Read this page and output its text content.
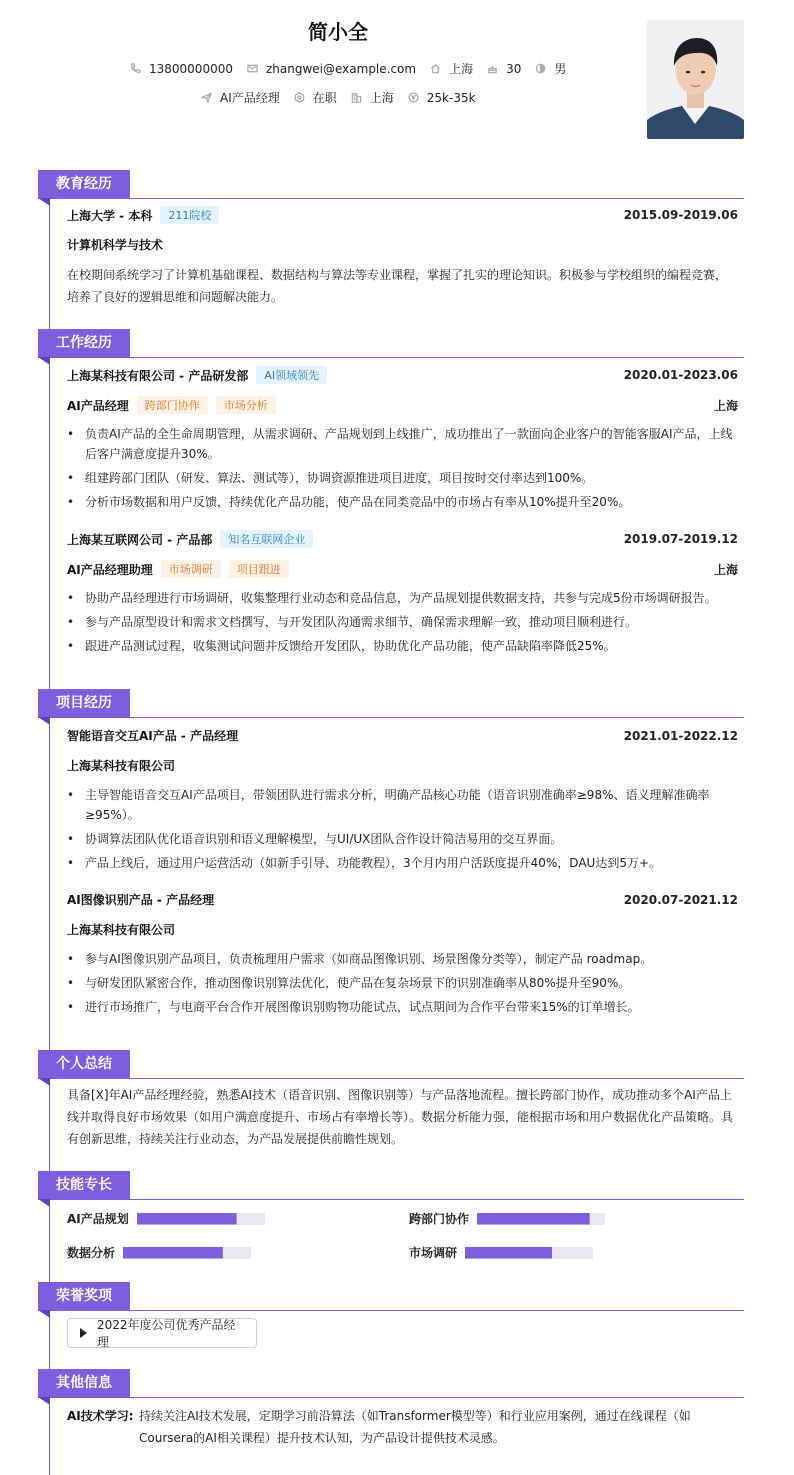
简小全
13800000000	zhangwei@example.com	上海	30	男
AI产品经理	在职	上海	25k-35k
教育经历
上海大学 - 本科	211院校	2015.09-2019.06
计算机科学与技术

在校期间系统学习了计算机基础课程、数据结构与算法等专业课程，掌握了扎实的理论知识。积极参与学校组织的编程竞赛，培养了良好的逻辑思维和问题解决能力。

工作经历
上海某科技有限公司 - 产品研发部	AI领域领先	2020.01-2023.06
AI产品经理	跨部门协作	市场分析	上海
• 负责AI产品的全生命周期管理，从需求调研、产品规划到上线推广，成功推出了一款面向企业客户的智能客服AI产品，上线后客户满意度提升30%。
• 组建跨部门团队（研发、算法、测试等），协调资源推进项目进度，项目按时交付率达到100%。
• 分析市场数据和用户反馈，持续优化产品功能，使产品在同类竞品中的市场占有率从10%提升至20%。
上海某互联网公司 - 产品部	知名互联网企业	2019.07-2019.12
AI产品经理助理	市场调研	项目跟进	上海
• 协助产品经理进行市场调研，收集整理行业动态和竞品信息，为产品规划提供数据支持，共参与完成5份市场调研报告。
• 参与产品原型设计和需求文档撰写，与开发团队沟通需求细节，确保需求理解一致，推动项目顺利进行。
• 跟进产品测试过程，收集测试问题并反馈给开发团队，协助优化产品功能，使产品缺陷率降低25%。
项目经历
智能语音交互AI产品 - 产品经理	2021.01-2022.12
上海某科技有限公司
• 主导智能语音交互AI产品项目，带领团队进行需求分析，明确产品核心功能（语音识别准确率≥98%、语义理解准确率≥95%）。
• 协调算法团队优化语音识别和语义理解模型，与UI/UX团队合作设计简洁易用的交互界面。
• 产品上线后，通过用户运营活动（如新手引导、功能教程），3个月内用户活跃度提升40%，DAU达到5万+。
AI图像识别产品 - 产品经理	2020.07-2021.12
上海某科技有限公司
• 参与AI图像识别产品项目，负责梳理用户需求（如商品图像识别、场景图像分类等），制定产品 roadmap。
• 与研发团队紧密合作，推动图像识别算法优化，使产品在复杂场景下的识别准确率从80%提升至90%。
• 进行市场推广，与电商平台合作开展图像识别购物功能试点，试点期间为合作平台带来15%的订单增长。
个人总结

具备[X]年AI产品经理经验，熟悉AI技术（语音识别、图像识别等）与产品落地流程。擅长跨部门协作，成功推动多个AI产品上线并取得良好市场效果（如用户满意度提升、市场占有率增长等）。数据分析能力强，能根据市场和用户数据优化产品策略。具有创新思维，持续关注行业动态，为产品发展提供前瞻性规划。

技能专长
AI产品规划	跨部门协作
数据分析	市场调研
荣誉奖项
2022年度公司优秀产品经理
其他信息
AI技术学习: 持续关注AI技术发展，定期学习前沿算法（如Transformer模型等）和行业应用案例，通过在线课程（如Coursera的AI相关课程）提升技术认知，为产品设计提供技术灵感。
